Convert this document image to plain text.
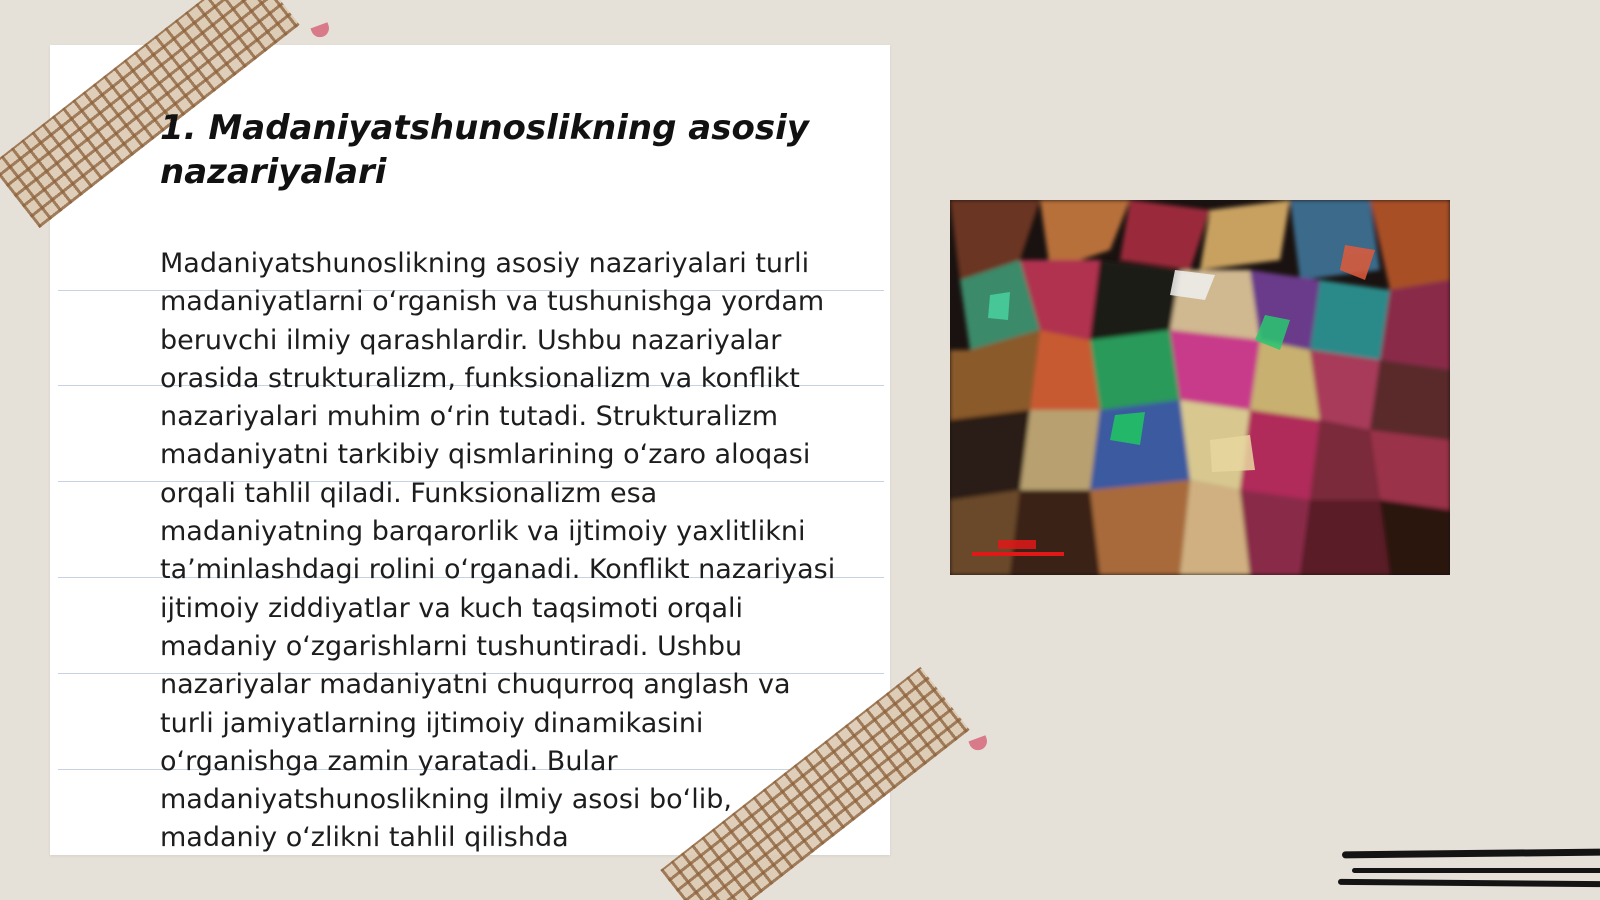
1. Madaniyatshunoslikning asosiy nazariyalari

Madaniyatshunoslikning asosiy nazariyalari turli madaniyatlarni o‘rganish va tushunishga yordam beruvchi ilmiy qarashlardir. Ushbu nazariyalar orasida strukturalizm, funksionalizm va konflikt nazariyalari muhim o‘rin tutadi. Strukturalizm madaniyatni tarkibiy qismlarining o‘zaro aloqasi orqali tahlil qiladi. Funksionalizm esa madaniyatning barqarorlik va ijtimoiy yaxlitlikni ta’minlashdagi rolini o‘rganadi. Konflikt nazariyasi ijtimoiy ziddiyatlar va kuch taqsimoti orqali madaniy o‘zgarishlarni tushuntiradi. Ushbu nazariyalar madaniyatni chuqurroq anglash va turli jamiyatlarning ijtimoiy dinamikasini o‘rganishga zamin yaratadi. Bular madaniyatshunoslikning ilmiy asosi bo‘lib, madaniy o‘zlikni tahlil qilishda
